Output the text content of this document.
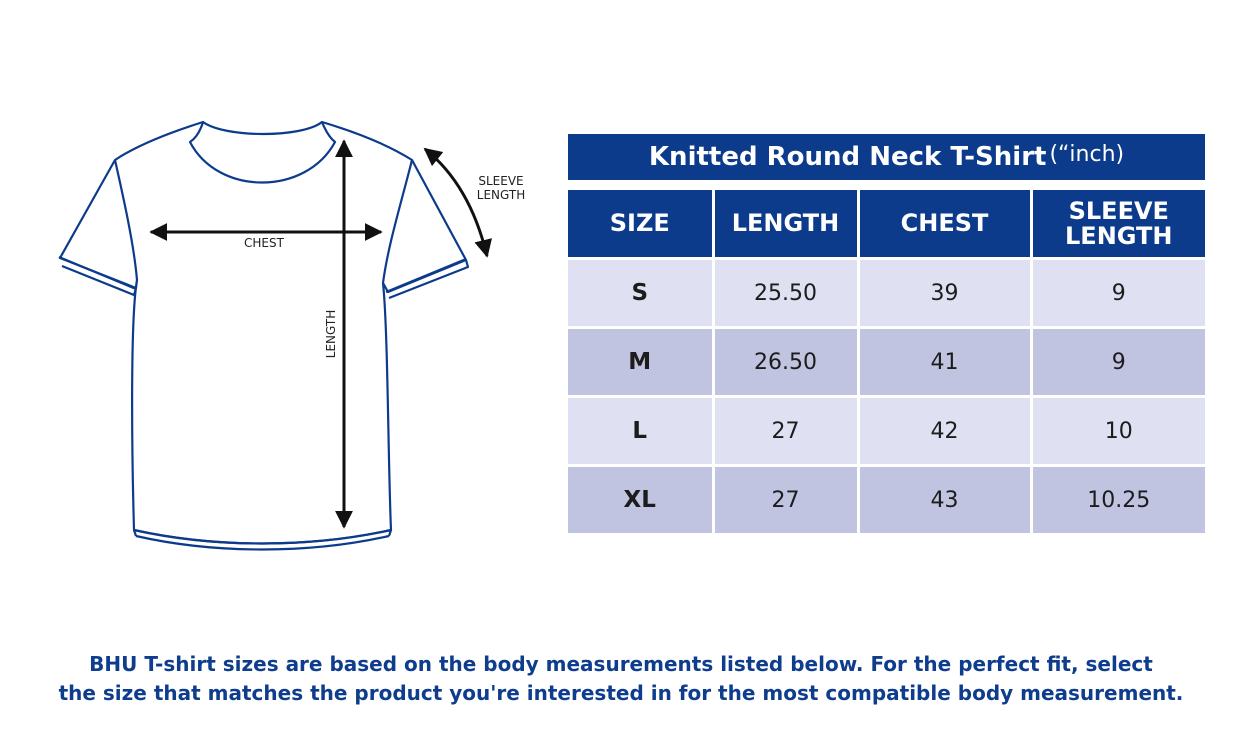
CHEST
LENGTH
SLEEVE
LENGTH
Knitted Round Neck T-Shirt (“inch)			

SIZE	LENGTH	CHEST	SLEEVE
LENGTH
S	25.50	39	9
M	26.50	41	9
L	27	42	10
XL	27	43	10.25
BHU T-shirt sizes are based on the body measurements listed below. For the perfect fit, select
the size that matches the product you're interested in for the most compatible body measurement.
